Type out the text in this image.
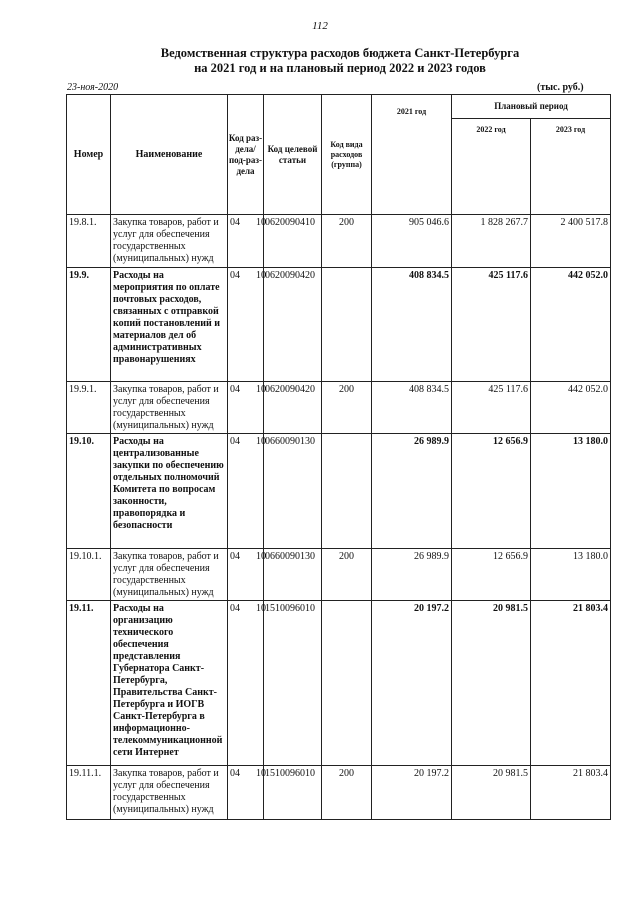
112
Ведомственная структура расходов бюджета Санкт-Петербурга
на 2021 год и на плановый период 2022 и 2023 годов
23-ноя-2020	(тыс. руб.)
Номер	Наименование	Код раз-дела/ под-раз-дела	Код целевой статьи	Код вида расходов (группа)	2021 год	Плановый период	
						2022 год	2023 год
19.8.1.	Закупка товаров, работ и услуг для обеспечения государственных (муниципальных) нужд	04 10	0620090410	200	905 046.6	1 828 267.7	2 400 517.8
19.9.	Расходы на мероприятия по оплате почтовых расходов, связанных с отправкой копий постановлений и материалов дел об административных правонарушениях	04 10	0620090420		408 834.5	425 117.6	442 052.0
19.9.1.	Закупка товаров, работ и услуг для обеспечения государственных (муниципальных) нужд	04 10	0620090420	200	408 834.5	425 117.6	442 052.0
19.10.	Расходы на централизованные закупки по обеспечению отдельных полномочий Комитета по вопросам законности, правопорядка и безопасности	04 10	0660090130		26 989.9	12 656.9	13 180.0
19.10.1.	Закупка товаров, работ и услуг для обеспечения государственных (муниципальных) нужд	04 10	0660090130	200	26 989.9	12 656.9	13 180.0
19.11.	Расходы на организацию технического обеспечения представления Губернатора Санкт-Петербурга, Правительства Санкт-Петербурга и ИОГВ Санкт-Петербурга в информационно-телекоммуникационной сети Интернет	04 10	1510096010		20 197.2	20 981.5	21 803.4
19.11.1.	Закупка товаров, работ и услуг для обеспечения государственных (муниципальных) нужд	04 10	1510096010	200	20 197.2	20 981.5	21 803.4
